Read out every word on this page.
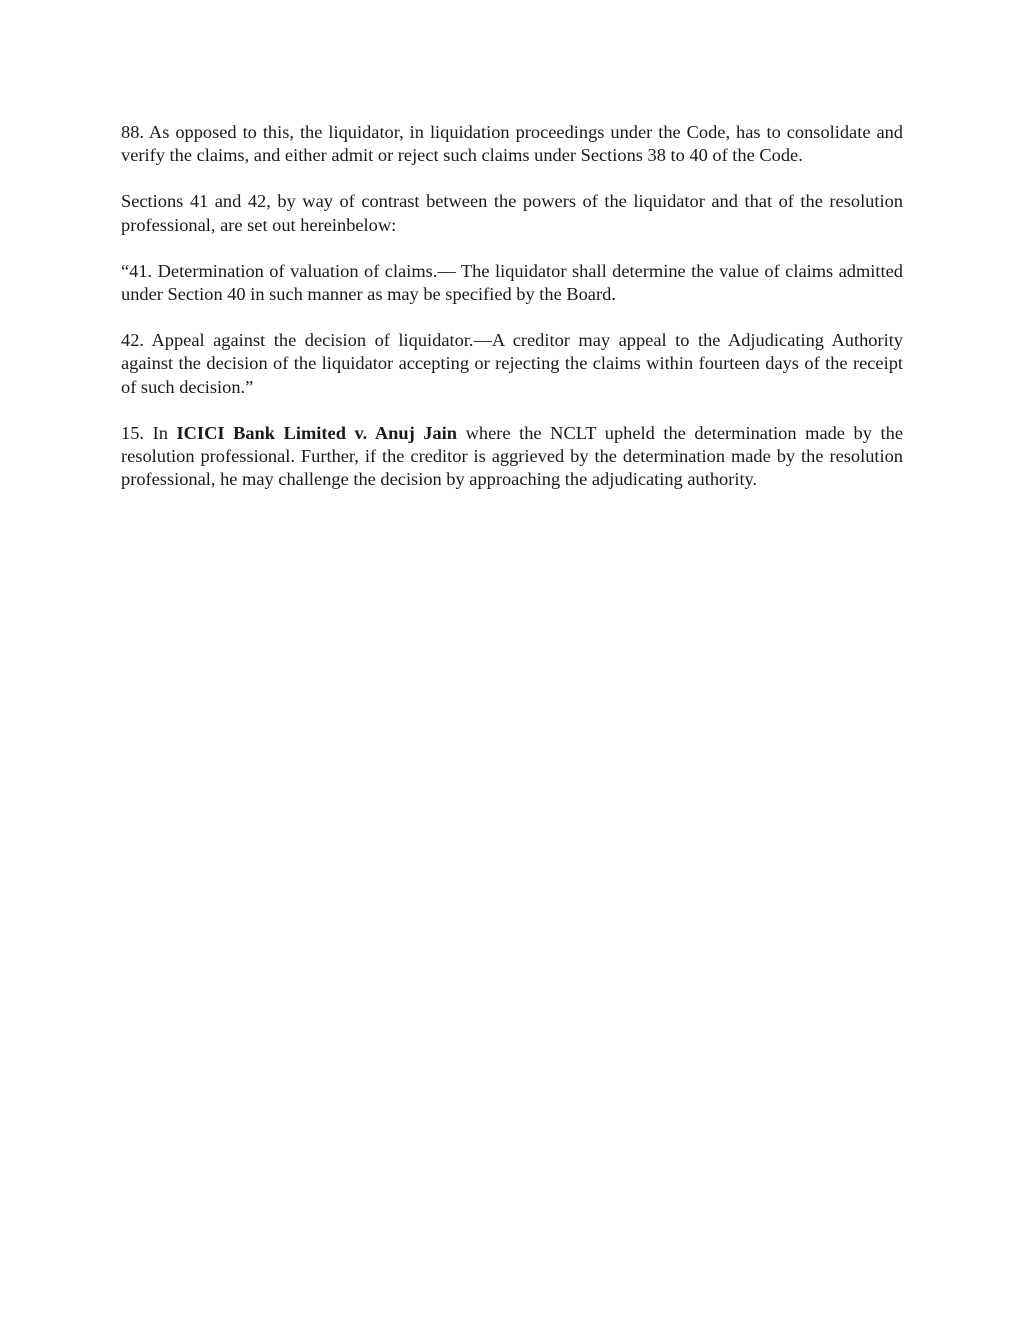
88. As opposed to this, the liquidator, in liquidation proceedings under the Code, has to consolidate and verify the claims, and either admit or reject such claims under Sections 38 to 40 of the Code.

Sections 41 and 42, by way of contrast between the powers of the liquidator and that of the resolution professional, are set out hereinbelow:

“41. Determination of valuation of claims.— The liquidator shall determine the value of claims admitted under Section 40 in such manner as may be specified by the Board.

42. Appeal against the decision of liquidator.—A creditor may appeal to the Adjudicating Authority against the decision of the liquidator accepting or rejecting the claims within fourteen days of the receipt of such decision.”

15. In ICICI Bank Limited v. Anuj Jain where the NCLT upheld the determination made by the resolution professional. Further, if the creditor is aggrieved by the determination made by the resolution professional, he may challenge the decision by approaching the adjudicating authority.
